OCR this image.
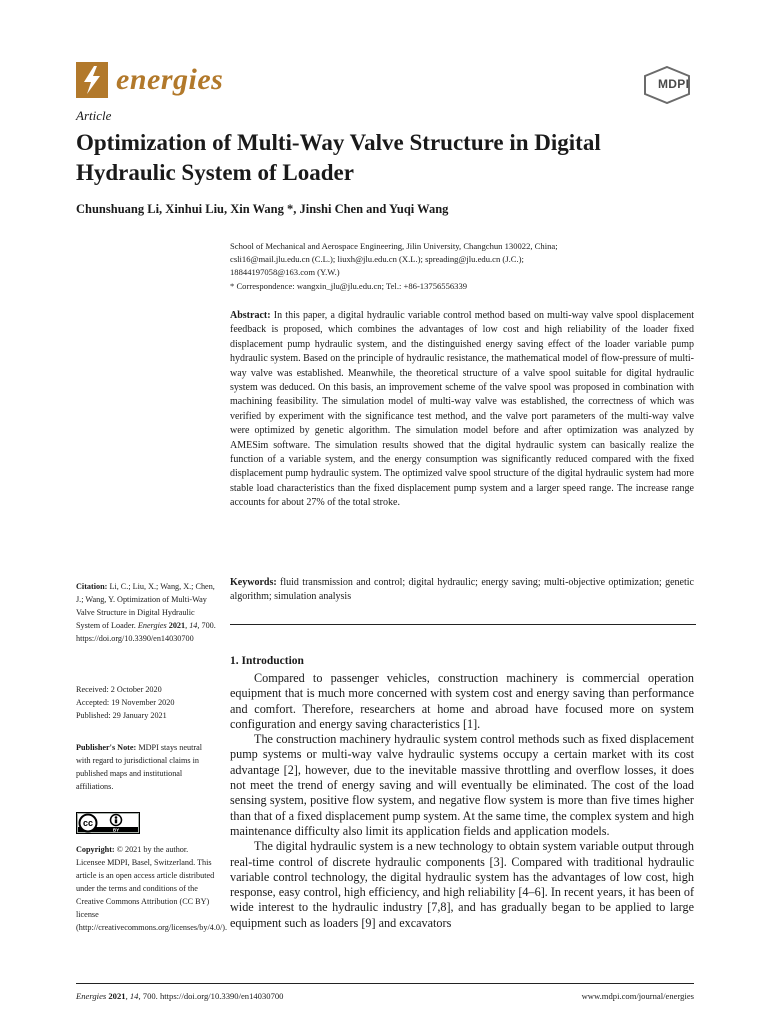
energies	MDPI
Article
Optimization of Multi-Way Valve Structure in Digital Hydraulic System of Loader
Chunshuang Li, Xinhui Liu, Xin Wang *, Jinshi Chen and Yuqi Wang

School of Mechanical and Aerospace Engineering, Jilin University, Changchun 130022, China;

csli16@mail.jlu.edu.cn (C.L.); liuxh@jlu.edu.cn (X.L.); spreading@jlu.edu.cn (J.C.);

18844197058@163.com (Y.W.)

* Correspondence: wangxin_jlu@jlu.edu.cn; Tel.: +86-13756556339

Abstract: In this paper, a digital hydraulic variable control method based on multi-way valve spool displacement feedback is proposed, which combines the advantages of low cost and high reliability of the loader fixed displacement pump hydraulic system, and the distinguished energy saving effect of the loader variable pump hydraulic system. Based on the principle of hydraulic resistance, the mathematical model of flow-pressure of multi-way valve was established. Meanwhile, the theoretical structure of a valve spool suitable for digital hydraulic system was deduced. On this basis, an improvement scheme of the valve spool was proposed in combination with machining feasibility. The simulation model of multi-way valve was established, the correctness of which was verified by experiment with the significance test method, and the valve port parameters of the multi-way valve were optimized by genetic algorithm. The simulation model before and after optimization was analyzed by AMESim software. The simulation results showed that the digital hydraulic system can basically realize the function of a variable system, and the energy consumption was significantly reduced compared with the fixed displacement pump hydraulic system. The optimized valve spool structure of the digital hydraulic system had more stable load characteristics than the fixed displacement pump system and a larger speed range. The increase range accounts for about 27% of the total stroke.

Keywords: fluid transmission and control; digital hydraulic; energy saving; multi-objective optimization; genetic algorithm; simulation analysis

Citation: Li, C.; Liu, X.; Wang, X.; Chen, J.; Wang, Y. Optimization of Multi-Way Valve Structure in Digital Hydraulic System of Loader. Energies 2021, 14, 700.

https://doi.org/10.3390/en14030700

Received: 2 October 2020

Accepted: 19 November 2020

Published: 29 January 2021

Publisher's Note: MDPI stays neutral with regard to jurisdictional claims in published maps and institutional affiliations.

cc
BY

Copyright: © 2021 by the author. Licensee MDPI, Basel, Switzerland. This article is an open access article distributed under the terms and conditions of the Creative Commons Attribution (CC BY) license (http://creativecommons.org/licenses/by/4.0/).

1. Introduction

Compared to passenger vehicles, construction machinery is commercial operation equipment that is much more concerned with system cost and energy saving than performance and comfort. Therefore, researchers at home and abroad have focused more on system configuration and energy saving characteristics [1].

The construction machinery hydraulic system control methods such as fixed displacement pump systems or multi-way valve hydraulic systems occupy a certain market with its cost advantage [2], however, due to the inevitable massive throttling and overflow losses, it does not meet the trend of energy saving and will eventually be eliminated. The cost of the load sensing system, positive flow system, and negative flow system is more than five times higher than that of a fixed displacement pump system. At the same time, the complex system and high maintenance difficulty also limit its application fields and application models.

The digital hydraulic system is a new technology to obtain system variable output through real-time control of discrete hydraulic components [3]. Compared with traditional hydraulic variable control technology, the digital hydraulic system has the advantages of low cost, high response, easy control, high efficiency, and high reliability [4–6]. In recent years, it has been of wide interest to the hydraulic industry [7,8], and has gradually began to be applied to large equipment such as loaders [9] and excavators

Energies 2021, 14, 700. https://doi.org/10.3390/en14030700	www.mdpi.com/journal/energies
